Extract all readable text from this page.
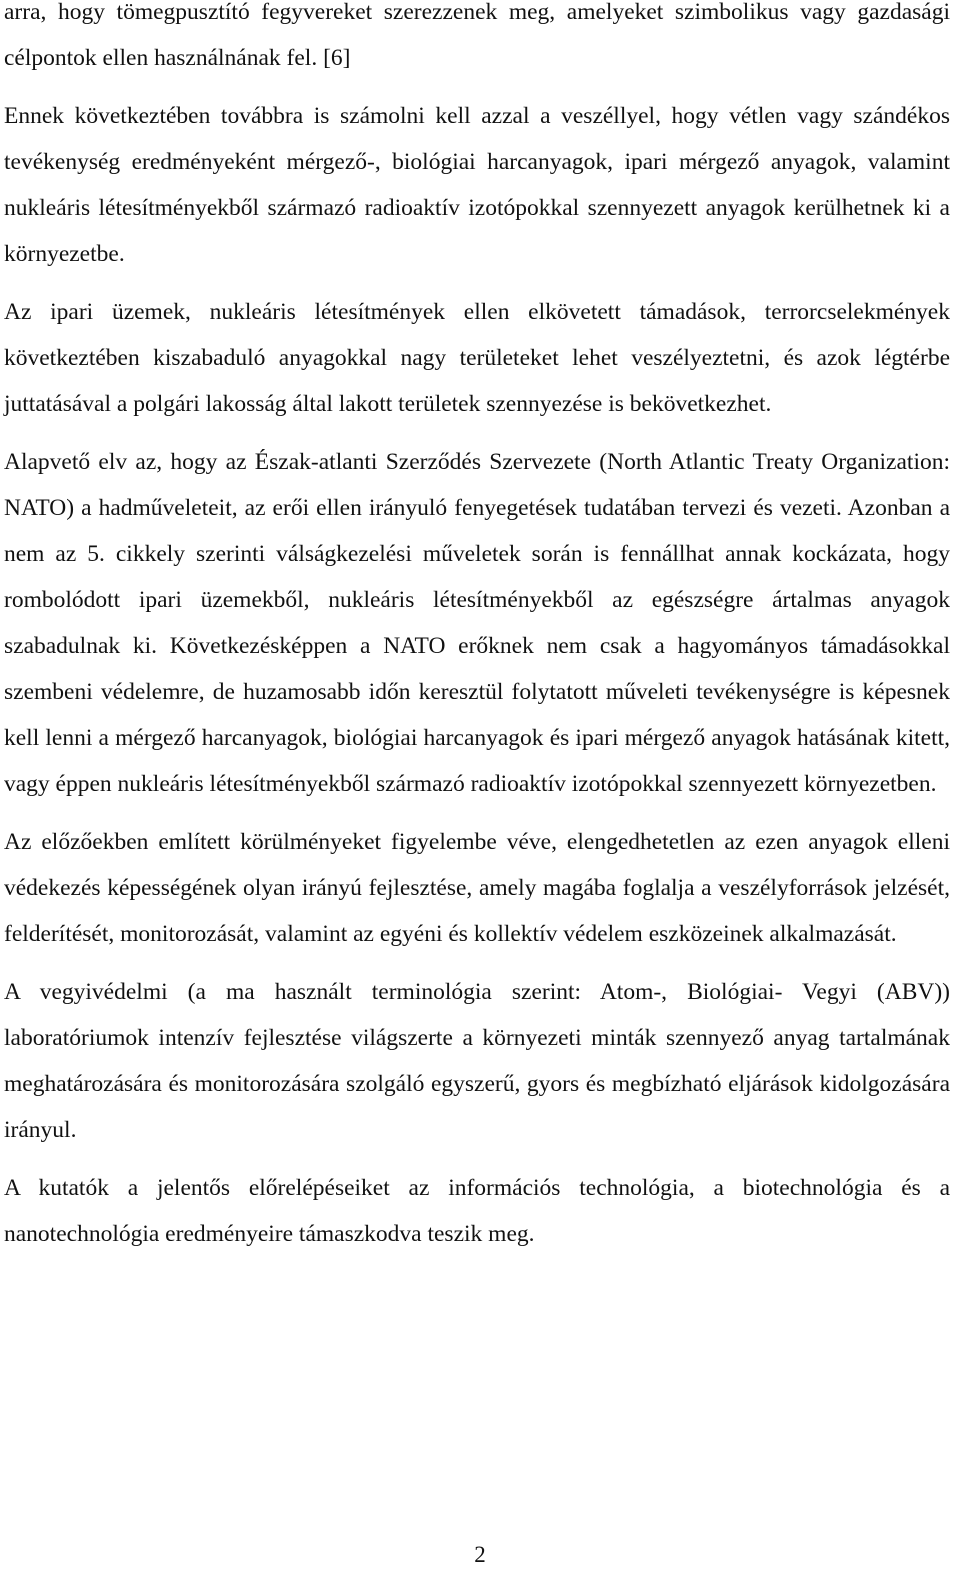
arra, hogy tömegpusztító fegyvereket szerezzenek meg, amelyeket szimbolikus vagy gazdasági célpontok ellen használnának fel. [6]

Ennek következtében továbbra is számolni kell azzal a veszéllyel, hogy vétlen vagy szándékos tevékenység eredményeként mérgező-, biológiai harcanyagok, ipari mérgező anyagok, valamint nukleáris létesítményekből származó radioaktív izotópokkal szennyezett anyagok kerülhetnek ki a környezetbe.

Az ipari üzemek, nukleáris létesítmények ellen elkövetett támadások, terrorcselekmények következtében kiszabaduló anyagokkal nagy területeket lehet veszélyeztetni, és azok légtérbe juttatásával a polgári lakosság által lakott területek szennyezése is bekövetkezhet.

Alapvető elv az, hogy az Észak-atlanti Szerződés Szervezete (North Atlantic Treaty Organization: NATO) a hadműveleteit, az erői ellen irányuló fenyegetések tudatában tervezi és vezeti. Azonban a nem az 5. cikkely szerinti válságkezelési műveletek során is fennállhat annak kockázata, hogy rombolódott ipari üzemekből, nukleáris létesítményekből az egészségre ártalmas anyagok szabadulnak ki. Következésképpen a NATO erőknek nem csak a hagyományos támadásokkal szembeni védelemre, de huzamosabb időn keresztül folytatott műveleti tevékenységre is képesnek kell lenni a mérgező harcanyagok, biológiai harcanyagok és ipari mérgező anyagok hatásának kitett, vagy éppen nukleáris létesítményekből származó radioaktív izotópokkal szennyezett környezetben.

Az előzőekben említett körülményeket figyelembe véve, elengedhetetlen az ezen anyagok elleni védekezés képességének olyan irányú fejlesztése, amely magába foglalja a veszélyforrások jelzését, felderítését, monitorozását, valamint az egyéni és kollektív védelem eszközeinek alkalmazását.

A vegyivédelmi (a ma használt terminológia szerint: Atom-, Biológiai- Vegyi (ABV)) laboratóriumok intenzív fejlesztése világszerte a környezeti minták szennyező anyag tartalmának meghatározására és monitorozására szolgáló egyszerű, gyors és megbízható eljárások kidolgozására irányul.

A kutatók a jelentős előrelépéseiket az információs technológia, a biotechnológia és a nanotechnológia eredményeire támaszkodva teszik meg.

2
